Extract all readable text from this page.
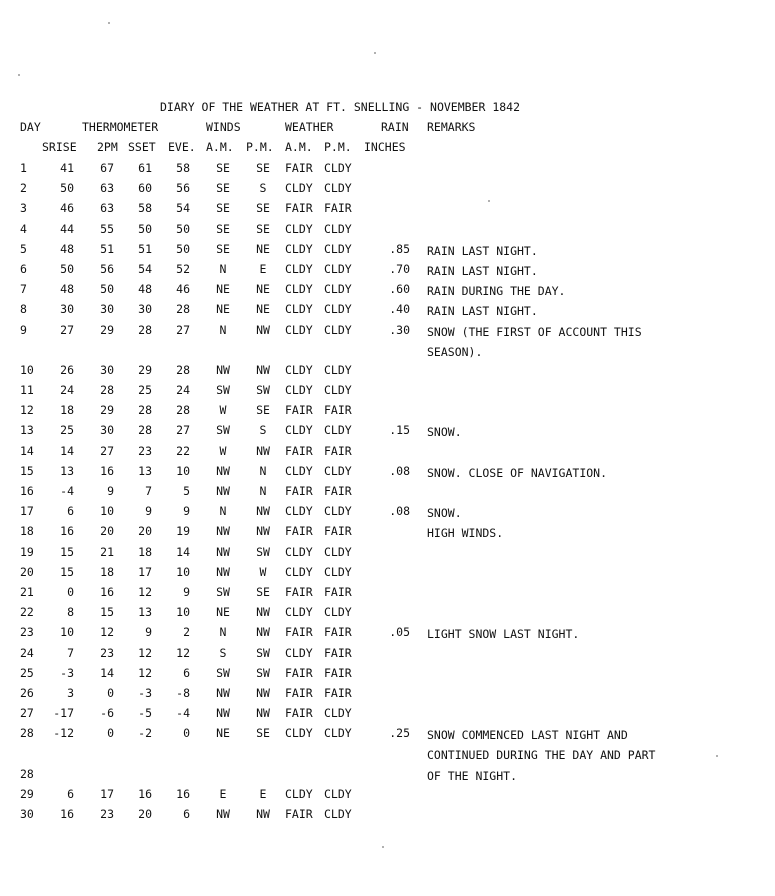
DIARY OF THE WEATHER AT FT. SNELLING - NOVEMBER 1842
DAY	THERMOMETER	WINDS	WEATHER	RAIN REMARKS
SRISE 2PM SSET EVE. A.M. P.M. A.M. P.M. INCHES
1	41	67	61	58	SE	SE	FAIR CLDY
2	50	63	60	56	SE	S	CLDY CLDY
3	46	63	58	54	SE	SE	FAIR FAIR
4	44	55	50	50	SE	SE	CLDY CLDY
5	48	51	51	50	SE	NE	CLDY CLDY	.85 RAIN LAST NIGHT.
6	50	56	54	52	N	E	CLDY CLDY	.70 RAIN LAST NIGHT.
7	48	50	48	46	NE	NE	CLDY CLDY	.60 RAIN DURING THE DAY.
8	30	30	30	28	NE	NE	CLDY CLDY	.40 RAIN LAST NIGHT.
9	27	29	28	27	N	NW	CLDY CLDY	.30 SNOW (THE FIRST OF ACCOUNT THIS
SEASON).
10	26	30	29	28	NW	NW	CLDY CLDY
11	24	28	25	24	SW	SW	CLDY CLDY
12	18	29	28	28	W	SE	FAIR FAIR
13	25	30	28	27	SW	S	CLDY CLDY	.15 SNOW.
14	14	27	23	22	W	NW	FAIR FAIR
15	13	16	13	10	NW	N	CLDY CLDY	.08 SNOW. CLOSE OF NAVIGATION.
16	-4	9	7	5	NW	N	FAIR FAIR
17	6	10	9	9	N	NW	CLDY CLDY	.08 SNOW.
18	16	20	20	19	NW	NW	FAIR FAIR	HIGH WINDS.
19	15	21	18	14	NW	SW	CLDY CLDY
20	15	18	17	10	NW	W	CLDY CLDY
21	0	16	12	9	SW	SE	FAIR FAIR
22	8	15	13	10	NE	NW	CLDY CLDY
23	10	12	9	2	N	NW	FAIR FAIR	.05 LIGHT SNOW LAST NIGHT.
24	7	23	12	12	S	SW	CLDY FAIR
25	-3	14	12	6	SW	SW	FAIR FAIR
26	3	0	-3	-8	NW	NW	FAIR FAIR
27	-17	-6	-5	-4	NW	NW	FAIR CLDY
28	-12	0	-2	0	NE	SE	CLDY CLDY	.25 SNOW COMMENCED LAST NIGHT AND
CONTINUED DURING THE DAY AND PART
OF THE NIGHT.
28
29	6	17	16	16	E	E	CLDY CLDY
30	16	23	20	6	NW	NW	FAIR CLDY
